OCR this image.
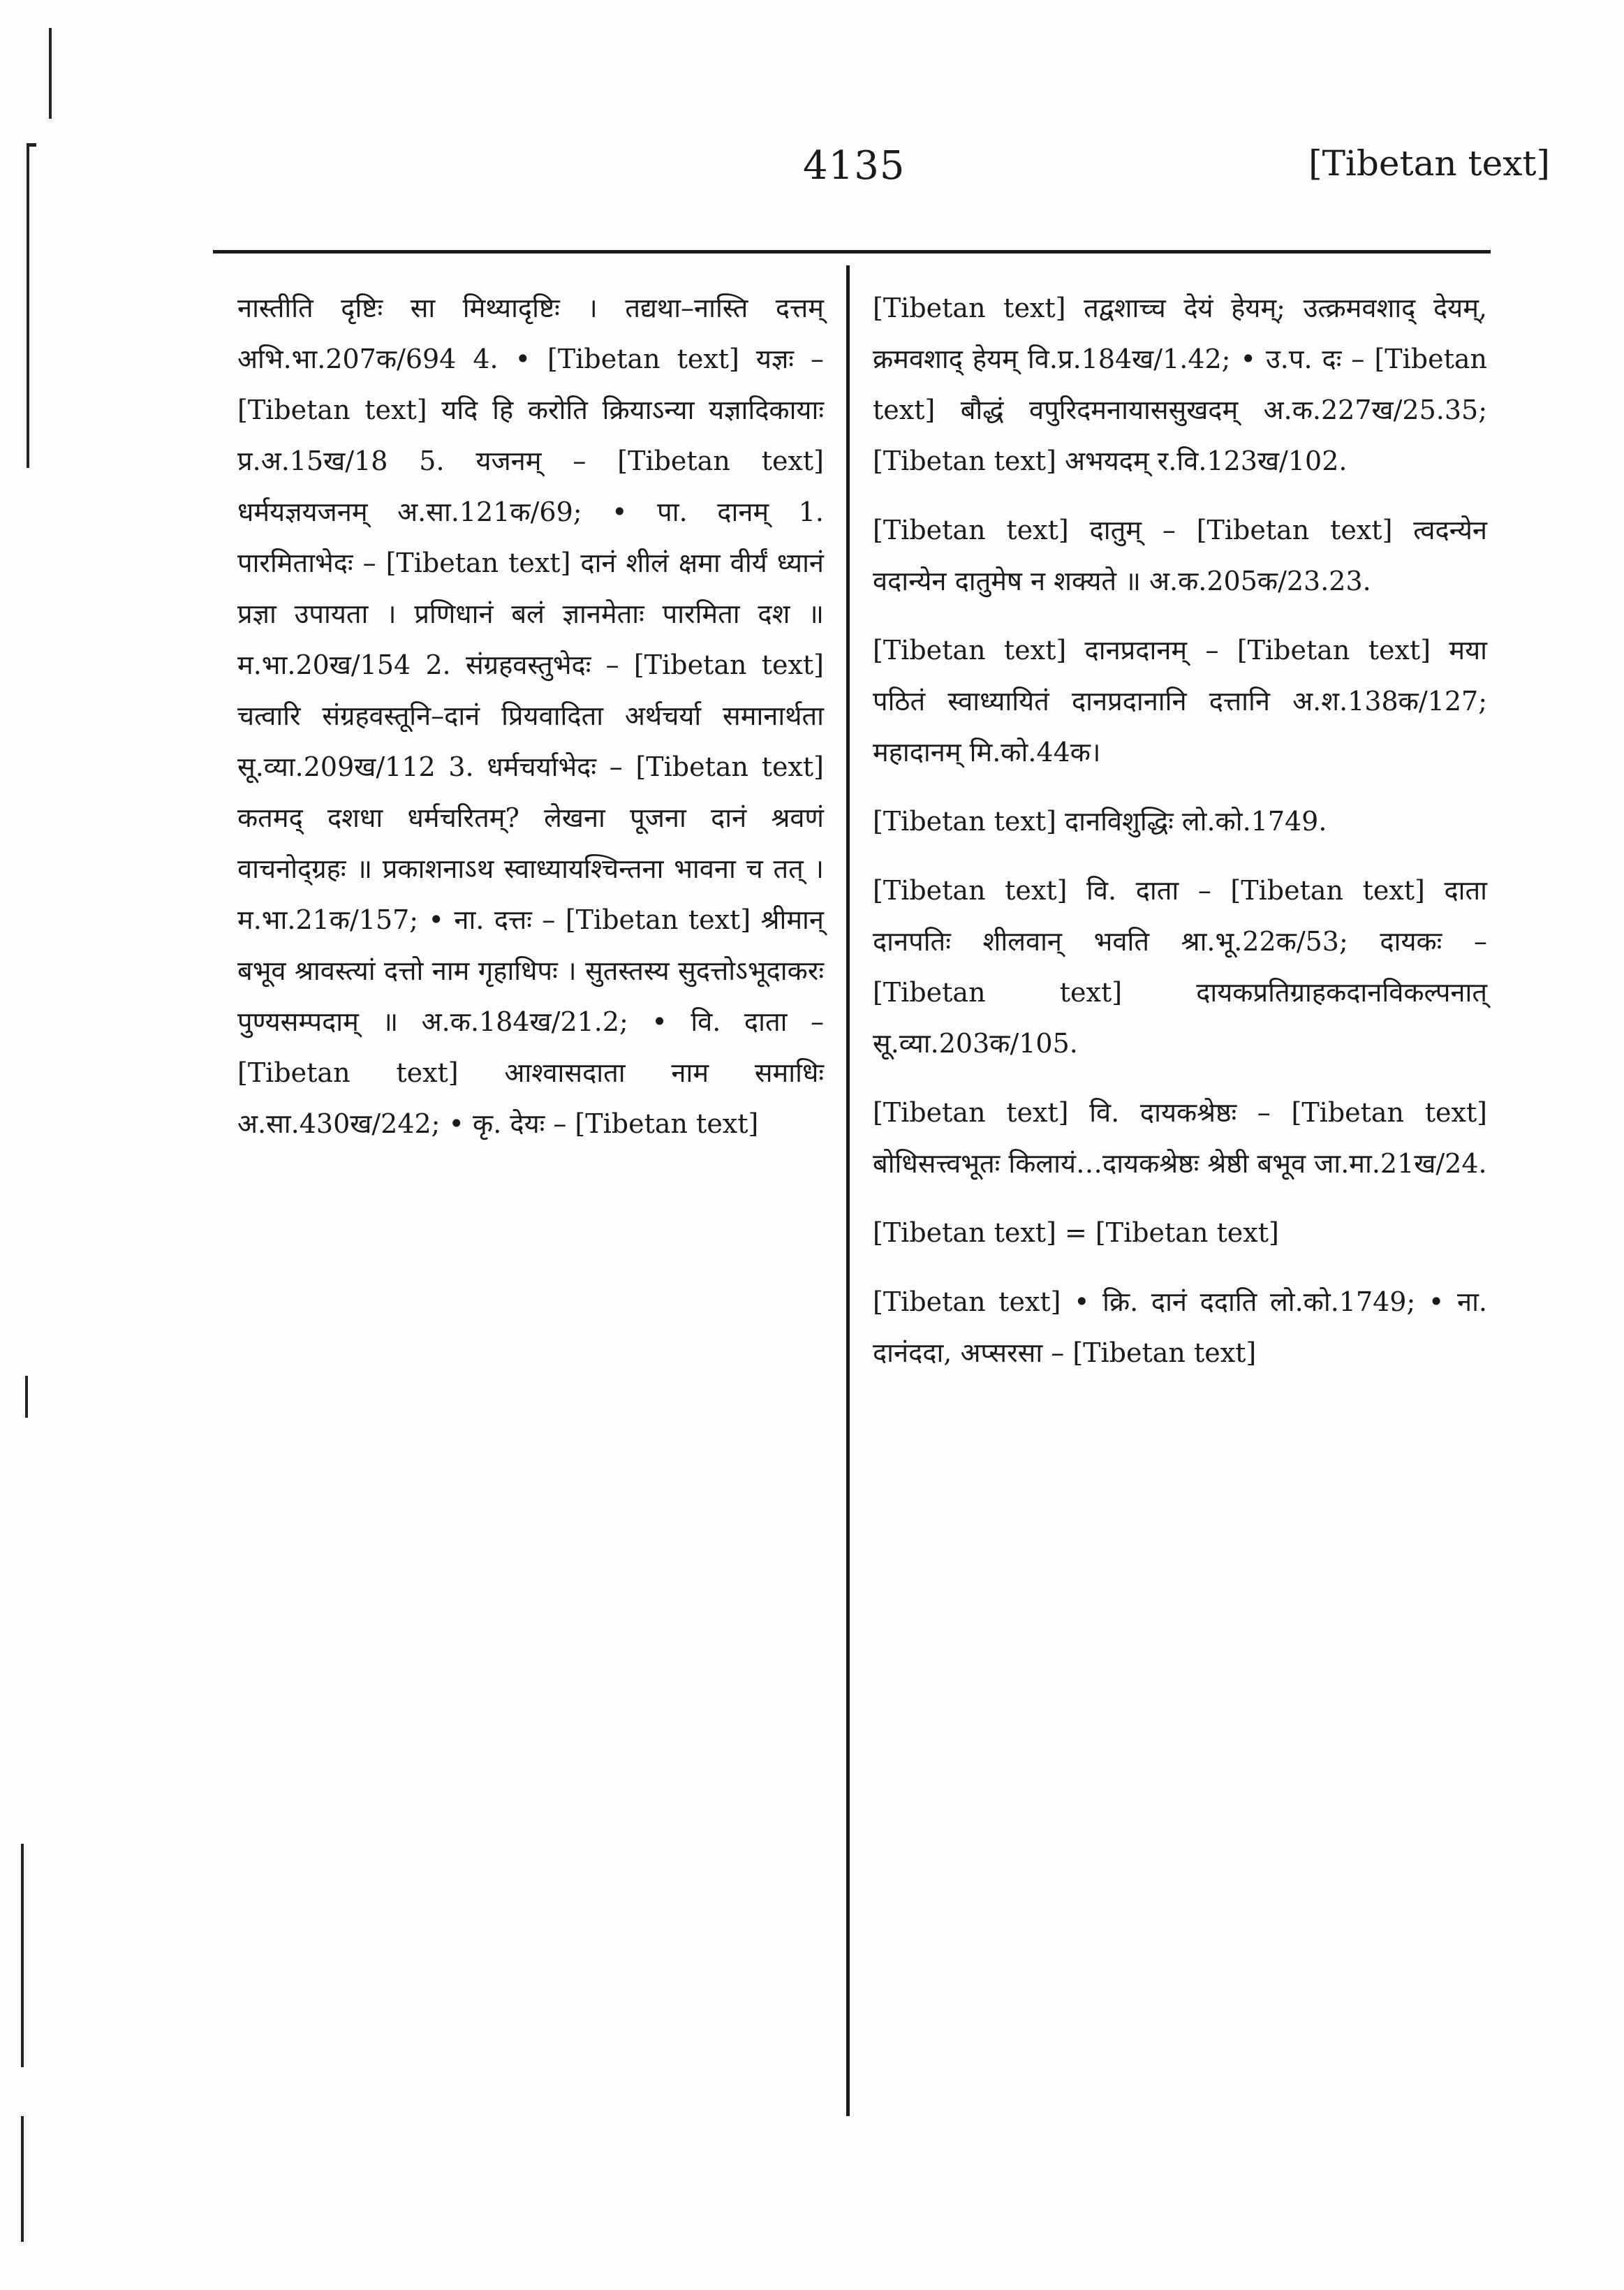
4135	[Tibetan text]

नास्तीति दृष्टिः सा मिथ्यादृष्टिः । तद्यथा–नास्ति दत्तम् अभि.भा.207क/694 4. • [Tibetan text] यज्ञः – [Tibetan text] यदि हि करोति क्रियाऽन्या यज्ञादिकायाः प्र.अ.15ख/18 5. यजनम् – [Tibetan text] धर्मयज्ञयजनम् अ.सा.121क/69; • पा. दानम् 1. पारमिताभेदः – [Tibetan text] दानं शीलं क्षमा वीर्यं ध्यानं प्रज्ञा उपायता । प्रणिधानं बलं ज्ञानमेताः पारमिता दश ॥ म.भा.20ख/154 2. संग्रहवस्तुभेदः – [Tibetan text] चत्वारि संग्रहवस्तूनि–दानं प्रियवादिता अर्थचर्या समानार्थता सू.व्या.209ख/112 3. धर्मचर्याभेदः – [Tibetan text] कतमद् दशधा धर्मचरितम्? लेखना पूजना दानं श्रवणं वाचनोद्ग्रहः ॥ प्रकाशनाऽथ स्वाध्यायश्चिन्तना भावना च तत् । म.भा.21क/157; • ना. दत्तः – [Tibetan text] श्रीमान् बभूव श्रावस्त्यां दत्तो नाम गृहाधिपः । सुतस्तस्य सुदत्तोऽभूदाकरः पुण्यसम्पदाम् ॥ अ.क.184ख/21.2; • वि. दाता – [Tibetan text] आश्वासदाता नाम समाधिः अ.सा.430ख/242; • कृ. देयः – [Tibetan text]

[Tibetan text] तद्वशाच्च देयं हेयम्; उत्क्रमवशाद् देयम्, क्रमवशाद् हेयम् वि.प्र.184ख/1.42; • उ.प. दः – [Tibetan text] बौद्धं वपुरिदमनायाससुखदम् अ.क.227ख/25.35; [Tibetan text] अभयदम् र.वि.123ख/102.

[Tibetan text] दातुम् – [Tibetan text] त्वदन्येन वदान्येन दातुमेष न शक्यते ॥ अ.क.205क/23.23.

[Tibetan text] दानप्रदानम् – [Tibetan text] मया पठितं स्वाध्यायितं दानप्रदानानि दत्तानि अ.श.138क/127; महादानम् मि.को.44क।

[Tibetan text] दानविशुद्धिः लो.को.1749.

[Tibetan text] वि. दाता – [Tibetan text] दाता दानपतिः शीलवान् भवति श्रा.भू.22क/53; दायकः – [Tibetan text] दायकप्रतिग्राहकदानविकल्पनात् सू.व्या.203क/105.

[Tibetan text] वि. दायकश्रेष्ठः – [Tibetan text] बोधिसत्त्वभूतः किलायं…दायकश्रेष्ठः श्रेष्ठी बभूव जा.मा.21ख/24.

[Tibetan text] = [Tibetan text]

[Tibetan text] • क्रि. दानं ददाति लो.को.1749; • ना. दानंददा, अप्सरसा – [Tibetan text]
